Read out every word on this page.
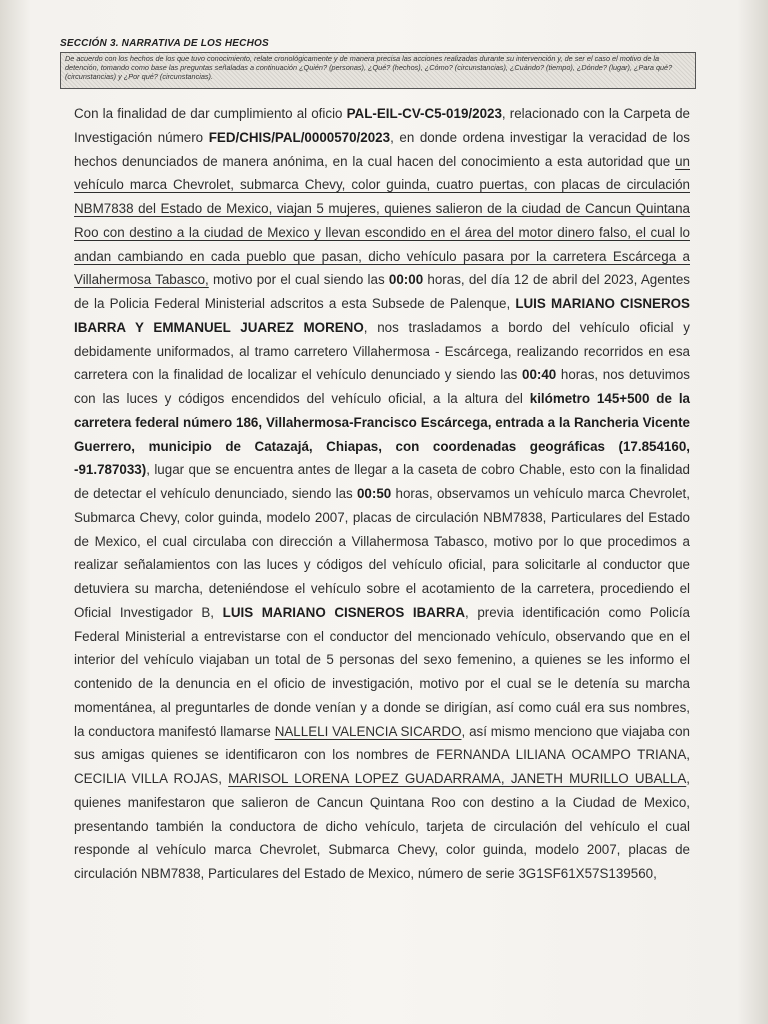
SECCIÓN 3. NARRATIVA DE LOS HECHOS
De acuerdo con los hechos de los que tuvo conocimiento, relate cronológicamente y de manera precisa las acciones realizadas durante su intervención y, de ser el caso el motivo de la detención, tomando como base las preguntas señaladas a continuación ¿Quién? (personas), ¿Qué? (hechos), ¿Cómo? (circunstancias), ¿Cuándo? (tiempo), ¿Dónde? (lugar), ¿Para qué? (circunstancias) y ¿Por qué? (circunstancias).

Con la finalidad de dar cumplimiento al oficio PAL-EIL-CV-C5-019/2023, relacionado con la Carpeta de Investigación número FED/CHIS/PAL/0000570/2023, en donde ordena investigar la veracidad de los hechos denunciados de manera anónima, en la cual hacen del conocimiento a esta autoridad que un vehículo marca Chevrolet, submarca Chevy, color guinda, cuatro puertas, con placas de circulación NBM7838 del Estado de Mexico, viajan 5 mujeres, quienes salieron de la ciudad de Cancun Quintana Roo con destino a la ciudad de Mexico y llevan escondido en el área del motor dinero falso, el cual lo andan cambiando en cada pueblo que pasan, dicho vehículo pasara por la carretera Escárcega a Villahermosa Tabasco, motivo por el cual siendo las 00:00 horas, del día 12 de abril del 2023, Agentes de la Policia Federal Ministerial adscritos a esta Subsede de Palenque, LUIS MARIANO CISNEROS IBARRA Y EMMANUEL JUAREZ MORENO, nos trasladamos a bordo del vehículo oficial y debidamente uniformados, al tramo carretero Villahermosa - Escárcega, realizando recorridos en esa carretera con la finalidad de localizar el vehículo denunciado y siendo las 00:40 horas, nos detuvimos con las luces y códigos encendidos del vehículo oficial, a la altura del kilómetro 145+500 de la carretera federal número 186, Villahermosa-Francisco Escárcega, entrada a la Rancheria Vicente Guerrero, municipio de Catazajá, Chiapas, con coordenadas geográficas (17.854160, -91.787033), lugar que se encuentra antes de llegar a la caseta de cobro Chable, esto con la finalidad de detectar el vehículo denunciado, siendo las 00:50 horas, observamos un vehículo marca Chevrolet, Submarca Chevy, color guinda, modelo 2007, placas de circulación NBM7838, Particulares del Estado de Mexico, el cual circulaba con dirección a Villahermosa Tabasco, motivo por lo que procedimos a realizar señalamientos con las luces y códigos del vehículo oficial, para solicitarle al conductor que detuviera su marcha, deteniéndose el vehículo sobre el acotamiento de la carretera, procediendo el Oficial Investigador B, LUIS MARIANO CISNEROS IBARRA, previa identificación como Policía Federal Ministerial a entrevistarse con el conductor del mencionado vehículo, observando que en el interior del vehículo viajaban un total de 5 personas del sexo femenino, a quienes se les informo el contenido de la denuncia en el oficio de investigación, motivo por el cual se le detenía su marcha momentánea, al preguntarles de donde venían y a donde se dirigían, así como cuál era sus nombres, la conductora manifestó llamarse NALLELI VALENCIA SICARDO, así mismo menciono que viajaba con sus amigas quienes se identificaron con los nombres de FERNANDA LILIANA OCAMPO TRIANA, CECILIA VILLA ROJAS, MARISOL LORENA LOPEZ GUADARRAMA, JANETH MURILLO UBALLA, quienes manifestaron que salieron de Cancun Quintana Roo con destino a la Ciudad de Mexico, presentando también la conductora de dicho vehículo, tarjeta de circulación del vehículo el cual responde al vehículo marca Chevrolet, Submarca Chevy, color guinda, modelo 2007, placas de circulación NBM7838, Particulares del Estado de Mexico, número de serie 3G1SF61X57S139560,
